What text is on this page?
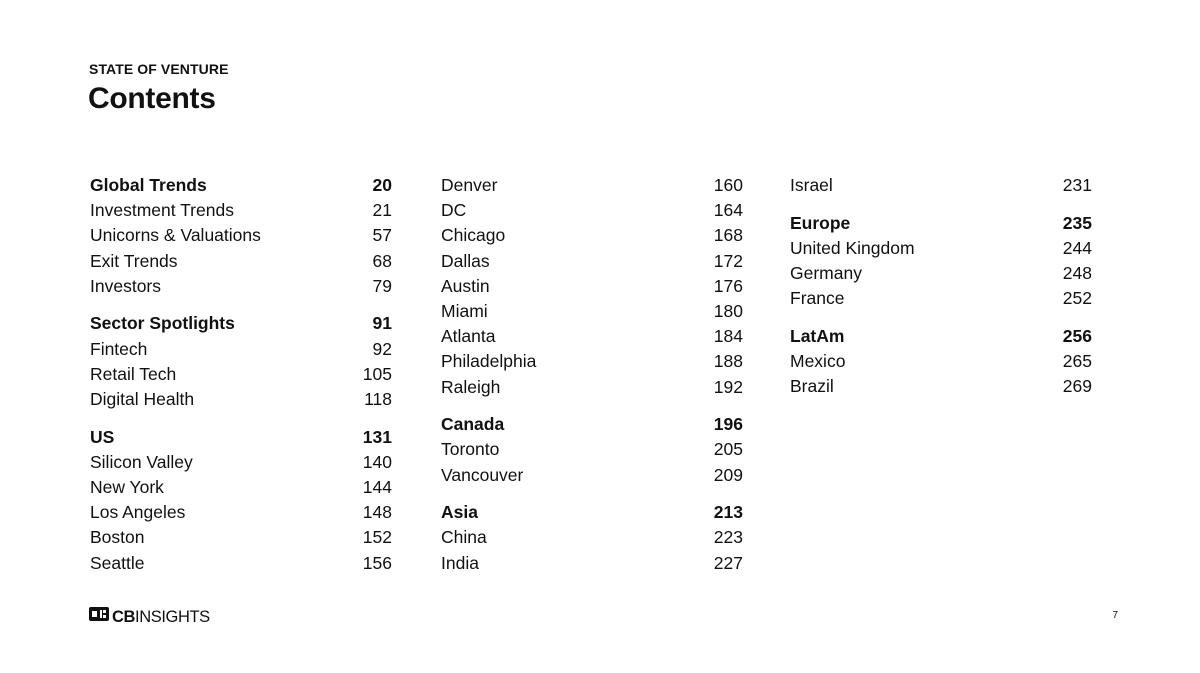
STATE OF VENTURE
Contents
Global Trends	20
Investment Trends	21
Unicorns & Valuations	57
Exit Trends	68
Investors	79
Sector Spotlights	91
Fintech	92
Retail Tech	105
Digital Health	118
US	131
Silicon Valley	140
New York	144
Los Angeles	148
Boston	152
Seattle	156
Denver	160
DC	164
Chicago	168
Dallas	172
Austin	176
Miami	180
Atlanta	184
Philadelphia	188
Raleigh	192
Canada	196
Toronto	205
Vancouver	209
Asia	213
China	223
India	227
Israel	231
Europe	235
United Kingdom	244
Germany	248
France	252
LatAm	256
Mexico	265
Brazil	269
CBINSIGHTS	7
